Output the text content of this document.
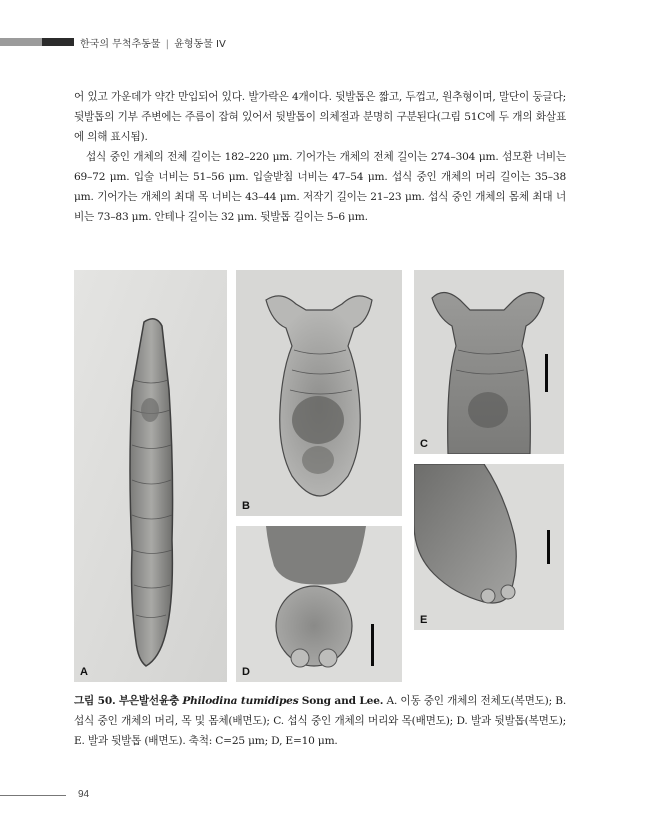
한국의 무척추동물 | 윤형동물 IV

어 있고 가운데가 약간 만입되어 있다. 발가락은 4개이다. 뒷발톱은 짧고, 두껍고, 원추형이며, 말단이 둥글다; 뒷발톱의 기부 주변에는 주름이 잡혀 있어서 뒷발톱이 의체절과 분명히 구분된다(그림 51C에 두 개의 화살표에 의해 표시됨).

섭식 중인 개체의 전체 길이는 182–220 μm. 기어가는 개체의 전체 길이는 274–304 μm. 섬모환 너비는 69–72 μm. 입술 너비는 51–56 μm. 입술받침 너비는 47–54 μm. 섭식 중인 개체의 머리 길이는 35–38 μm. 기어가는 개체의 최대 목 너비는 43–44 μm. 저작기 길이는 21–23 μm. 섭식 중인 개체의 몸체 최대 너비는 73–83 μm. 안테나 길이는 32 μm. 뒷발톱 길이는 5–6 μm.

A
B
C
D
E
그림 50. 부은발선윤충 Philodina tumidipes Song and Lee. A. 이동 중인 개체의 전체도(복면도); B. 섭식 중인 개체의 머리, 목 및 몸체(배면도); C. 섭식 중인 개체의 머리와 목(배면도); D. 발과 뒷발톱(복면도); E. 발과 뒷발톱 (배면도). 축척: C=25 μm; D, E=10 μm.
94
